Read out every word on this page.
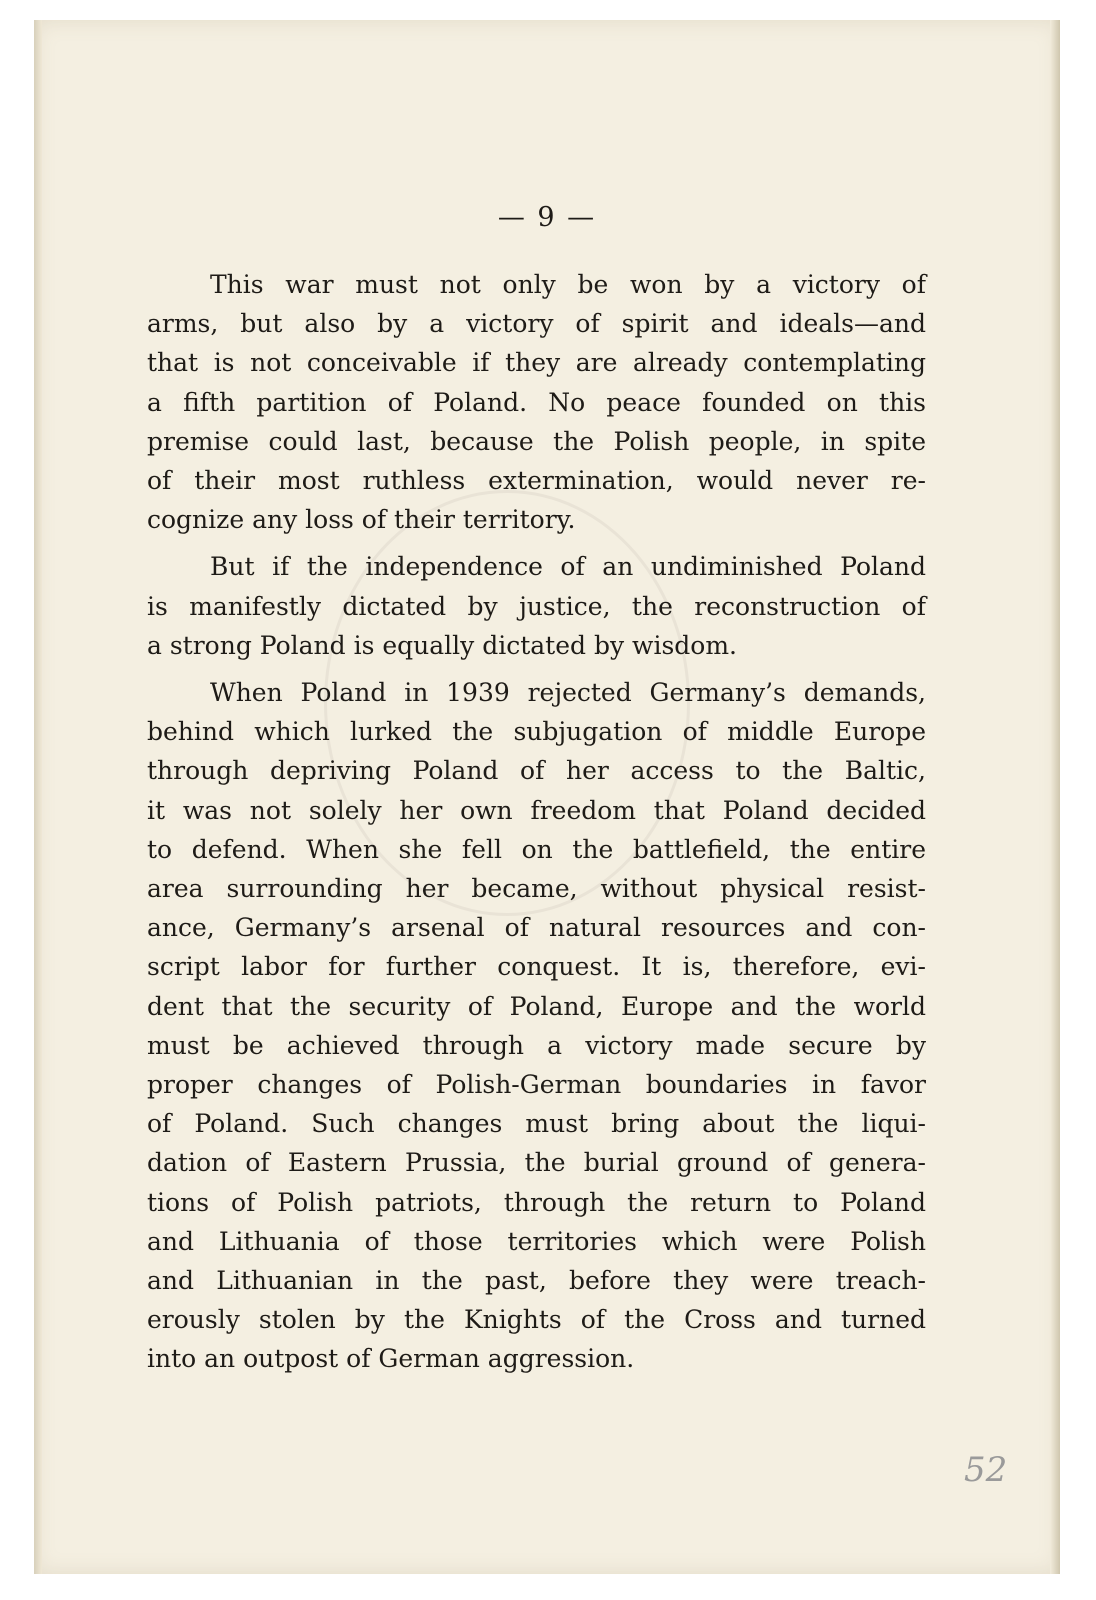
— 9 —

This war must not only be won by a victory of
arms, but also by a victory of spirit and ideals—and
that is not conceivable if they are already contemplating
a fifth partition of Poland. No peace founded on this
premise could last, because the Polish people, in spite
of their most ruthless extermination, would never re-
cognize any loss of their territory.

But if the independence of an undiminished Poland
is manifestly dictated by justice, the reconstruction of
a strong Poland is equally dictated by wisdom.

When Poland in 1939 rejected Germany’s demands,
behind which lurked the subjugation of middle Europe
through depriving Poland of her access to the Baltic,
it was not solely her own freedom that Poland decided
to defend. When she fell on the battlefield, the entire
area surrounding her became, without physical resist-
ance, Germany’s arsenal of natural resources and con-
script labor for further conquest. It is, therefore, evi-
dent that the security of Poland, Europe and the world
must be achieved through a victory made secure by
proper changes of Polish-German boundaries in favor
of Poland. Such changes must bring about the liqui-
dation of Eastern Prussia, the burial ground of genera-
tions of Polish patriots, through the return to Poland
and Lithuania of those territories which were Polish
and Lithuanian in the past, before they were treach-
erously stolen by the Knights of the Cross and turned
into an outpost of German aggression.

52
